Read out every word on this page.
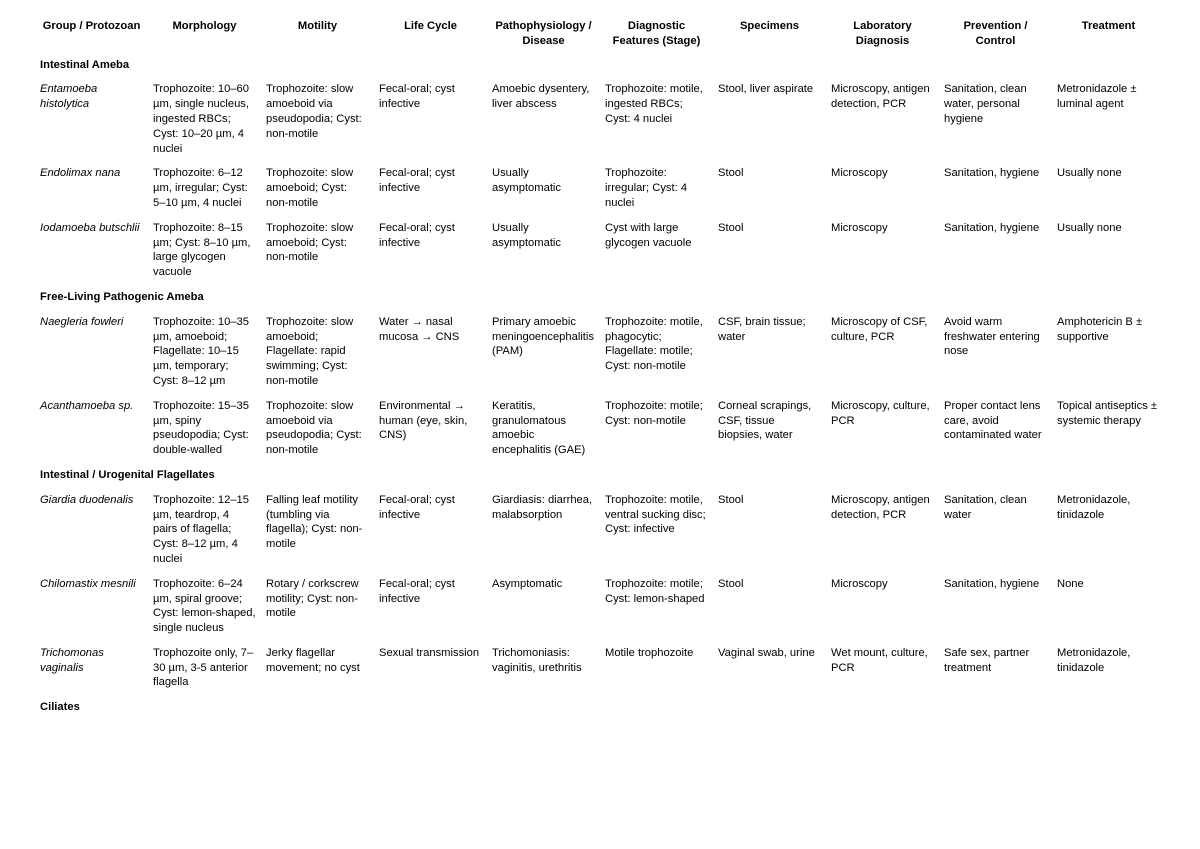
Group / Protozoan	Morphology	Motility	Life Cycle	Pathophysiology / Disease	Diagnostic Features (Stage)	Specimens	Laboratory Diagnosis	Prevention / Control	Treatment
Intestinal Ameba									
Entamoeba histolytica	Trophozoite: 10–60 µm, single nucleus, ingested RBCs; Cyst: 10–20 µm, 4 nuclei	Trophozoite: slow amoeboid via pseudopodia; Cyst: non-motile	Fecal-oral; cyst infective	Amoebic dysentery, liver abscess	Trophozoite: motile, ingested RBCs; Cyst: 4 nuclei	Stool, liver aspirate	Microscopy, antigen detection, PCR	Sanitation, clean water, personal hygiene	Metronidazole ± luminal agent
Endolimax nana	Trophozoite: 6–12 µm, irregular; Cyst: 5–10 µm, 4 nuclei	Trophozoite: slow amoeboid; Cyst: non-motile	Fecal-oral; cyst infective	Usually asymptomatic	Trophozoite: irregular; Cyst: 4 nuclei	Stool	Microscopy	Sanitation, hygiene	Usually none
Iodamoeba butschlii	Trophozoite: 8–15 µm; Cyst: 8–10 µm, large glycogen vacuole	Trophozoite: slow amoeboid; Cyst: non-motile	Fecal-oral; cyst infective	Usually asymptomatic	Cyst with large glycogen vacuole	Stool	Microscopy	Sanitation, hygiene	Usually none
Free-Living Pathogenic Ameba									
Naegleria fowleri	Trophozoite: 10–35 µm, amoeboid; Flagellate: 10–15 µm, temporary; Cyst: 8–12 µm	Trophozoite: slow amoeboid; Flagellate: rapid swimming; Cyst: non-motile	Water → nasal mucosa → CNS	Primary amoebic meningoencephalitis (PAM)	Trophozoite: motile, phagocytic; Flagellate: motile; Cyst: non-motile	CSF, brain tissue; water	Microscopy of CSF, culture, PCR	Avoid warm freshwater entering nose	Amphotericin B ± supportive
Acanthamoeba sp.	Trophozoite: 15–35 µm, spiny pseudopodia; Cyst: double-walled	Trophozoite: slow amoeboid via pseudopodia; Cyst: non-motile	Environmental → human (eye, skin, CNS)	Keratitis, granulomatous amoebic encephalitis (GAE)	Trophozoite: motile; Cyst: non-motile	Corneal scrapings, CSF, tissue biopsies, water	Microscopy, culture, PCR	Proper contact lens care, avoid contaminated water	Topical antiseptics ± systemic therapy
Intestinal / Urogenital Flagellates									
Giardia duodenalis	Trophozoite: 12–15 µm, teardrop, 4 pairs of flagella; Cyst: 8–12 µm, 4 nuclei	Falling leaf motility (tumbling via flagella); Cyst: non-motile	Fecal-oral; cyst infective	Giardiasis: diarrhea, malabsorption	Trophozoite: motile, ventral sucking disc; Cyst: infective	Stool	Microscopy, antigen detection, PCR	Sanitation, clean water	Metronidazole, tinidazole
Chilomastix mesnili	Trophozoite: 6–24 µm, spiral groove; Cyst: lemon-shaped, single nucleus	Rotary / corkscrew motility; Cyst: non-motile	Fecal-oral; cyst infective	Asymptomatic	Trophozoite: motile; Cyst: lemon-shaped	Stool	Microscopy	Sanitation, hygiene	None
Trichomonas vaginalis	Trophozoite only, 7–30 µm, 3-5 anterior flagella	Jerky flagellar movement; no cyst	Sexual transmission	Trichomoniasis: vaginitis, urethritis	Motile trophozoite	Vaginal swab, urine	Wet mount, culture, PCR	Safe sex, partner treatment	Metronidazole, tinidazole
Ciliates									
